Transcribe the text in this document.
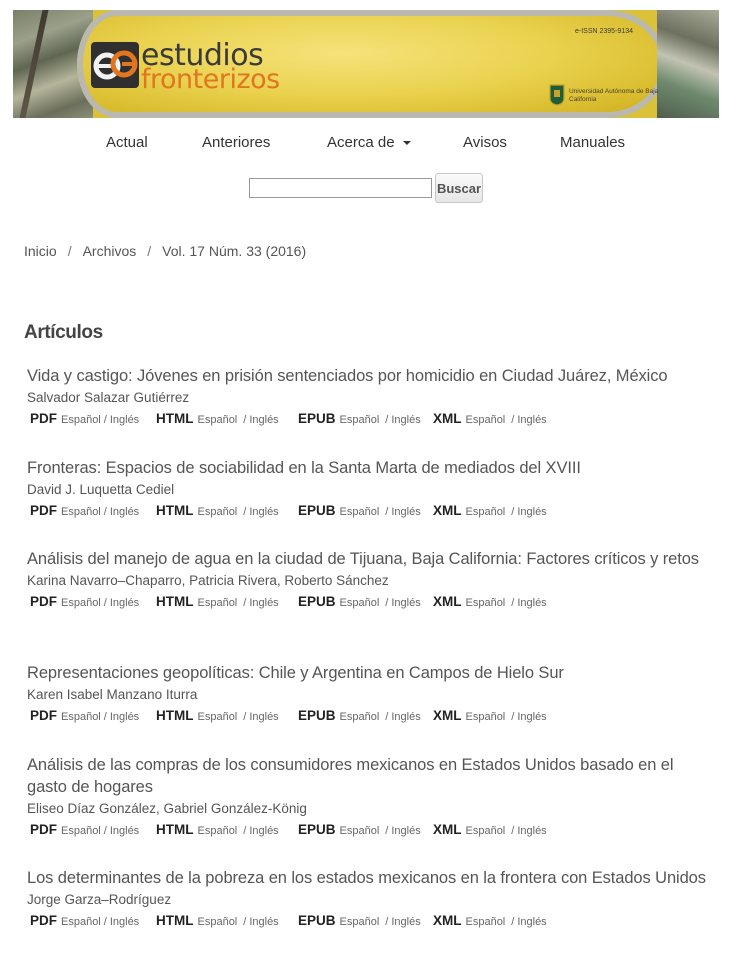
estudios
fronterizos
e-ISSN 2395-9134
Universidad Autónoma de Baja California
Actual	Anteriores	Acerca de	Avisos	Manuales
Buscar
Inicio / Archivos / Vol. 17 Núm. 33 (2016)
Artículos
Vida y castigo: Jóvenes en prisión sentenciados por homicidio en Ciudad Juárez, México
Salvador Salazar Gutiérrez
PDF Español / Inglés HTML Español / Inglés EPUB Español / Inglés XML Español / Inglés
Fronteras: Espacios de sociabilidad en la Santa Marta de mediados del XVIII
David J. Luquetta Cediel
PDF Español / Inglés HTML Español / Inglés EPUB Español / Inglés XML Español / Inglés
Análisis del manejo de agua en la ciudad de Tijuana, Baja California: Factores críticos y retos
Karina Navarro–Chaparro, Patricia Rivera, Roberto Sánchez
PDF Español / Inglés HTML Español / Inglés EPUB Español / Inglés XML Español / Inglés
Representaciones geopolíticas: Chile y Argentina en Campos de Hielo Sur
Karen Isabel Manzano Iturra
PDF Español / Inglés HTML Español / Inglés EPUB Español / Inglés XML Español / Inglés
Análisis de las compras de los consumidores mexicanos en Estados Unidos basado en el gasto de hogares
Eliseo Díaz González, Gabriel González-König
PDF Español / Inglés HTML Español / Inglés EPUB Español / Inglés XML Español / Inglés
Los determinantes de la pobreza en los estados mexicanos en la frontera con Estados Unidos
Jorge Garza–Rodríguez
PDF Español / Inglés HTML Español / Inglés EPUB Español / Inglés XML Español / Inglés
